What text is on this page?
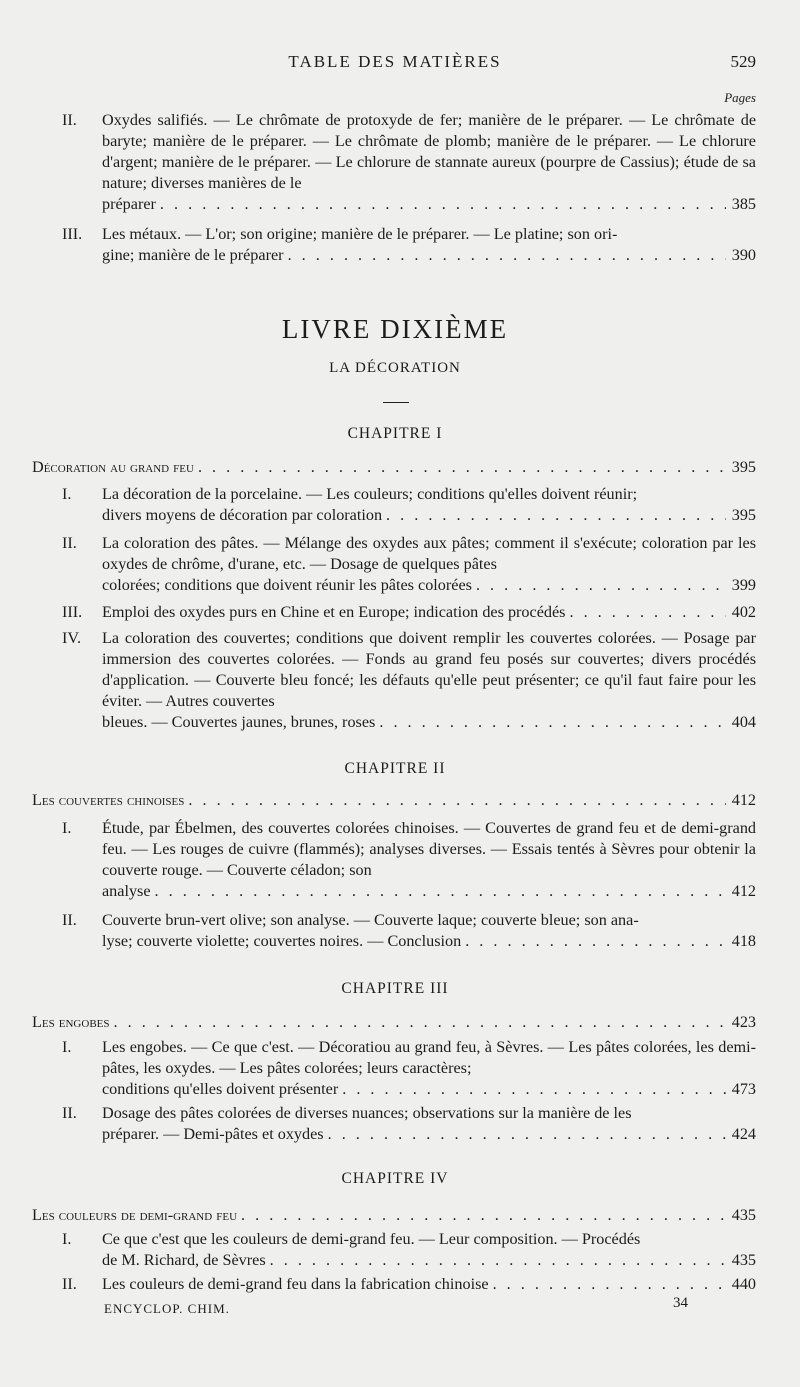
TABLE DES MATIÈRES	529
Pages
II. Oxydes salifiés. — Le chrômate de protoxyde de fer; manière de le préparer. — Le chrômate de baryte; manière de le préparer. — Le chrômate de plomb; manière de le préparer. — Le chlorure d'argent; manière de le préparer. — Le chlorure de stannate aureux (pourpre de Cassius); étude de sa nature; diverses manières de le
préparer . . .	385
III. Les métaux. — L'or; son origine; manière de le préparer. — Le platine; son ori-
gine; manière de le préparer . . .	390
LIVRE DIXIÈME
LA DÉCORATION
CHAPITRE I
Décoration au grand feu . . .	395
I. La décoration de la porcelaine. — Les couleurs; conditions qu'elles doivent réunir;
divers moyens de décoration par coloration . . .	395
II. La coloration des pâtes. — Mélange des oxydes aux pâtes; comment il s'exécute; coloration par les oxydes de chrôme, d'urane, etc. — Dosage de quelques pâtes
colorées; conditions que doivent réunir les pâtes colorées . . .	399
III. Emploi des oxydes purs en Chine et en Europe; indication des procédés . . .	402
IV. La coloration des couvertes; conditions que doivent remplir les couvertes colorées. — Posage par immersion des couvertes colorées. — Fonds au grand feu posés sur couvertes; divers procédés d'application. — Couverte bleu foncé; les défauts qu'elle peut présenter; ce qu'il faut faire pour les éviter. — Autres couvertes
bleues. — Couvertes jaunes, brunes, roses . . .	404
CHAPITRE II
Les couvertes chinoises . . .	412
I. Étude, par Ébelmen, des couvertes colorées chinoises. — Couvertes de grand feu et de demi-grand feu. — Les rouges de cuivre (flammés); analyses diverses. — Essais tentés à Sèvres pour obtenir la couverte rouge. — Couverte céladon; son
analyse . . .	412
II. Couverte brun-vert olive; son analyse. — Couverte laque; couverte bleue; son ana-
lyse; couverte violette; couvertes noires. — Conclusion . . .	418
CHAPITRE III
Les engobes . . .	423
I. Les engobes. — Ce que c'est. — Décoratiou au grand feu, à Sèvres. — Les pâtes colorées, les demi-pâtes, les oxydes. — Les pâtes colorées; leurs caractères;
conditions qu'elles doivent présenter . . .	473
II. Dosage des pâtes colorées de diverses nuances; observations sur la manière de les
préparer. — Demi-pâtes et oxydes . . .	424
CHAPITRE IV
Les couleurs de demi-grand feu . . .	435
I. Ce que c'est que les couleurs de demi-grand feu. — Leur composition. — Procédés
de M. Richard, de Sèvres . . .	435
II. Les couleurs de demi-grand feu dans la fabrication chinoise . . .	440
ENCYCLOP. CHIM.	34
